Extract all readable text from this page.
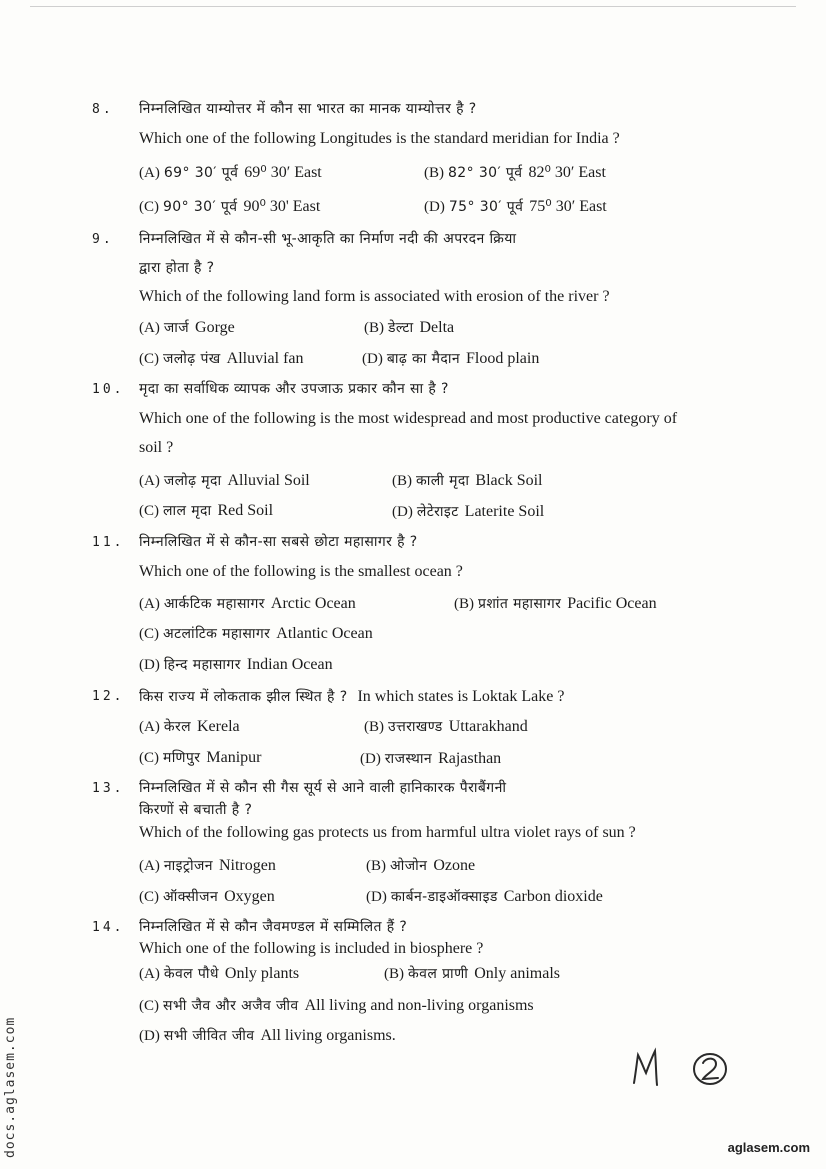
8. निम्नलिखित याम्योत्तर में कौन सा भारत का मानक याम्योत्तर है ?
Which one of the following Longitudes is the standard meridian for India ?
(A) 69° 30′ पूर्व 69⁰ 30′ East	(B) 82° 30′ पूर्व 82⁰ 30′ East
(C) 90° 30′ पूर्व 90⁰ 30' East	(D) 75° 30′ पूर्व 75⁰ 30′ East
9. निम्नलिखित में से कौन-सी भू-आकृति का निर्माण नदी की अपरदन क्रिया
द्वारा होता है ?
Which of the following land form is associated with erosion of the river ?
(A) जार्ज Gorge	(B) डेल्टा Delta
(C) जलोढ़ पंख Alluvial fan	(D) बाढ़ का मैदान Flood plain
10. मृदा का सर्वाधिक व्यापक और उपजाऊ प्रकार कौन सा है ?
Which one of the following is the most widespread and most productive category of
soil ?
(A) जलोढ़ मृदा Alluvial Soil	(B) काली मृदा Black Soil
(C) लाल मृदा Red Soil	(D) लेटेराइट Laterite Soil
11. निम्नलिखित में से कौन-सा सबसे छोटा महासागर है ?
Which one of the following is the smallest ocean ?
(A) आर्कटिक महासागर Arctic Ocean	(B) प्रशांत महासागर Pacific Ocean
(C) अटलांटिक महासागर Atlantic Ocean
(D) हिन्द महासागर Indian Ocean
12. किस राज्य में लोकताक झील स्थित है ? In which states is Loktak Lake ?
(A) केरल Kerela	(B) उत्तराखण्ड Uttarakhand
(C) मणिपुर Manipur	(D) राजस्थान Rajasthan
13. निम्नलिखित में से कौन सी गैस सूर्य से आने वाली हानिकारक पैराबैंगनी
किरणों से बचाती है ?
Which of the following gas protects us from harmful ultra violet rays of sun ?
(A) नाइट्रोजन Nitrogen	(B) ओजोन Ozone
(C) ऑक्सीजन Oxygen	(D) कार्बन-डाइऑक्साइड Carbon dioxide
14. निम्नलिखित में से कौन जैवमण्डल में सम्मिलित हैं ?
Which one of the following is included in biosphere ?
(A) केवल पौधे Only plants	(B) केवल प्राणी Only animals
(C) सभी जैव और अजैव जीव All living and non-living organisms
(D) सभी जीवित जीव All living organisms.
docs.aglasem.com	aglasem.com
